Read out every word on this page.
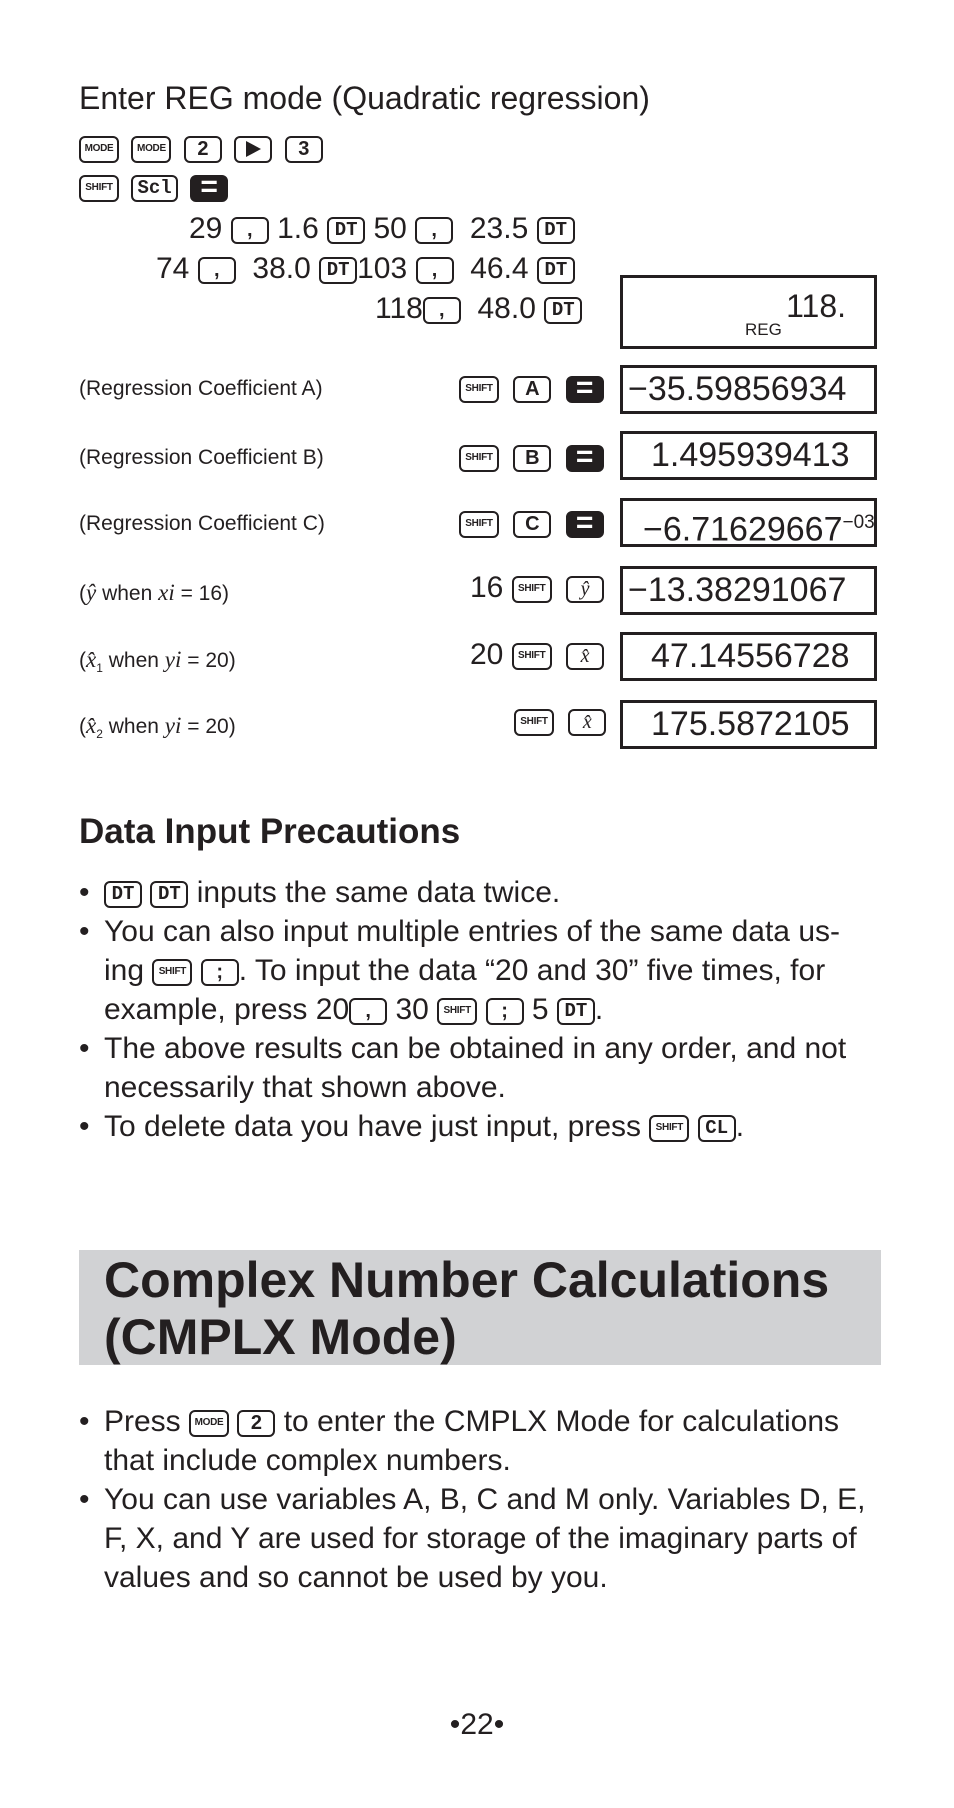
Enter REG mode (Quadratic regression)
MODE MODE 2	3
SHIFT Scl =
29 , 1.6 DT 50 , 23.5 DT
74 , 38.0 DT 103 , 46.4 DT
118 , 48.0 DT	118.
REG
(Regression Coefficient A)	SHIFT A =	−35.59856934
(Regression Coefficient B)	SHIFT B =	1.495939413
(Regression Coefficient C)	SHIFT C =	$-6.71629667^{-03}$
(ŷ when xi = 16)	16 SHIFT ŷ	−13.38291067
($x̂_1$ when yi = 20)	20 SHIFT x̂	47.14556728
($x̂_2$ when yi = 20)	SHIFT x̂	175.5872105
Data Input Precautions
• DT DT inputs the same data twice.
• You can also input multiple entries of the same data us-
ing SHIFT ; . To input the data “20 and 30” five times, for
example, press 20 , 30 SHIFT ; 5 DT .
• The above results can be obtained in any order, and not necessarily that shown above.
• To delete data you have just input, press SHIFT CL .
Complex Number Calculations
(CMPLX Mode)
• Press MODE 2 to enter the CMPLX Mode for calculations that include complex numbers.
• You can use variables A, B, C and M only. Variables D, E, F, X, and Y are used for storage of the imaginary parts of values and so cannot be used by you.
•22•
